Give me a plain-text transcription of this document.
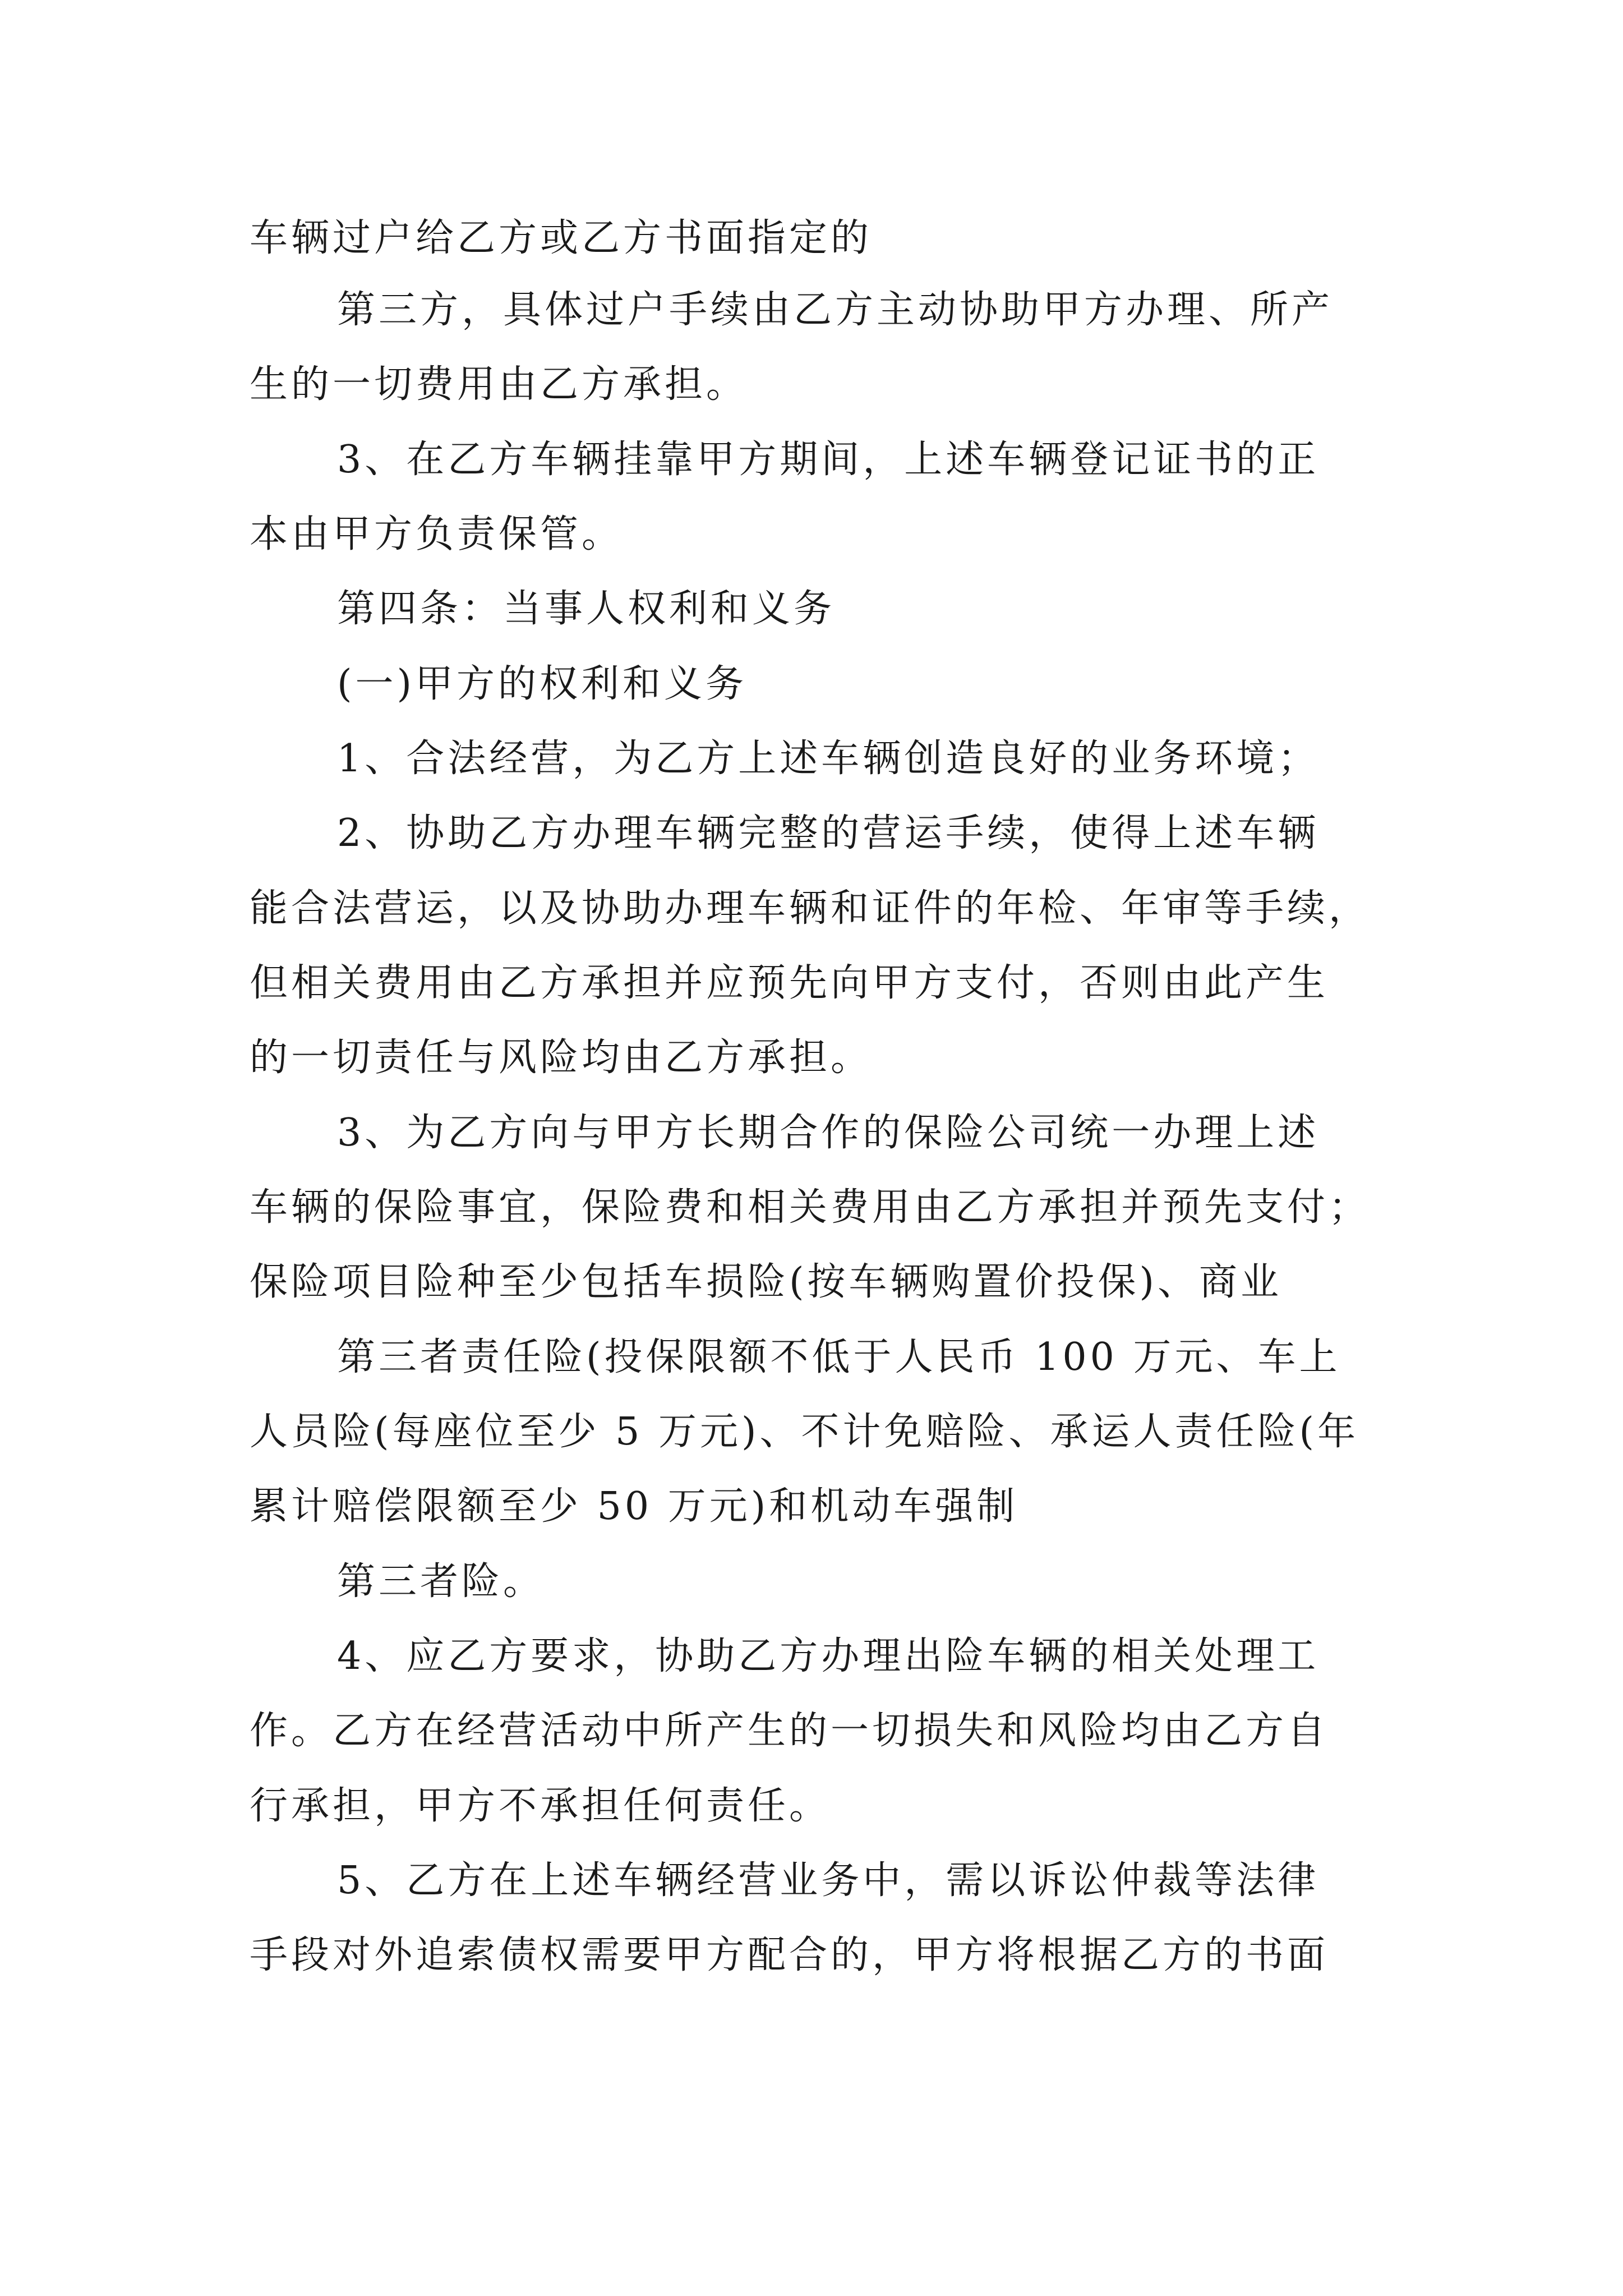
车辆过户给乙方或乙方书面指定的
第三方，具体过户手续由乙方主动协助甲方办理、所产
生的一切费用由乙方承担。
3、在乙方车辆挂靠甲方期间，上述车辆登记证书的正
本由甲方负责保管。
第四条：当事人权利和义务
(一)甲方的权利和义务
1、合法经营，为乙方上述车辆创造良好的业务环境；
2、协助乙方办理车辆完整的营运手续，使得上述车辆
能合法营运，以及协助办理车辆和证件的年检、年审等手续，
但相关费用由乙方承担并应预先向甲方支付，否则由此产生
的一切责任与风险均由乙方承担。
3、为乙方向与甲方长期合作的保险公司统一办理上述
车辆的保险事宜，保险费和相关费用由乙方承担并预先支付；
保险项目险种至少包括车损险(按车辆购置价投保)、商业
第三者责任险(投保限额不低于人民币 100 万元、车上
人员险(每座位至少 5 万元)、不计免赔险、承运人责任险(年
累计赔偿限额至少 50 万元)和机动车强制
第三者险。
4、应乙方要求，协助乙方办理出险车辆的相关处理工
作。乙方在经营活动中所产生的一切损失和风险均由乙方自
行承担，甲方不承担任何责任。
5、乙方在上述车辆经营业务中，需以诉讼仲裁等法律
手段对外追索债权需要甲方配合的，甲方将根据乙方的书面
